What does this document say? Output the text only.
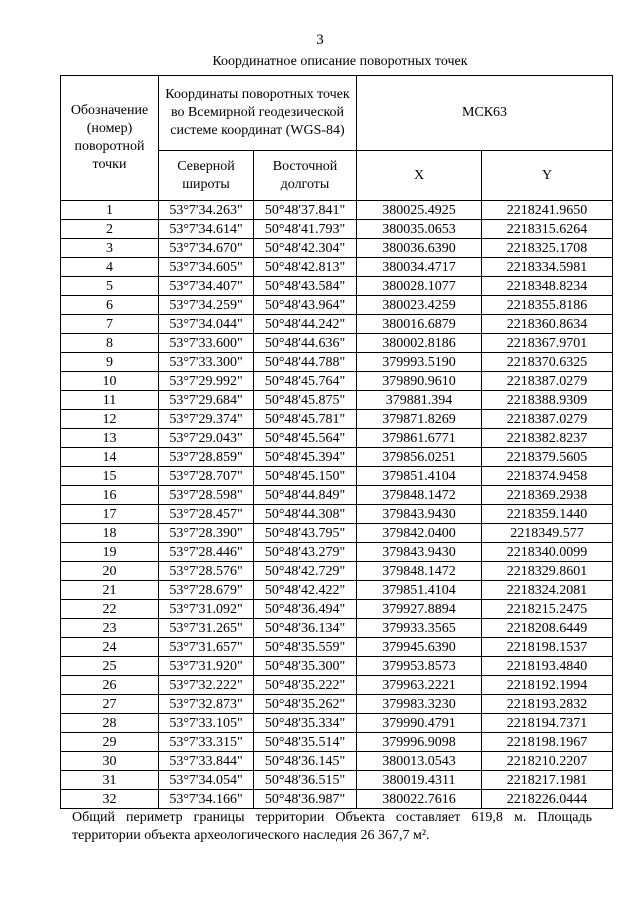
3
Координатное описание поворотных точек
Обозначение (номер) поворотной точки	Координаты поворотных точек во Всемирной геодезической системе координат (WGS-84)		МСК63	
	Северной широты	Восточной долготы	X	Y
1	53°7'34.263"	50°48'37.841"	380025.4925	2218241.9650
2	53°7'34.614"	50°48'41.793"	380035.0653	2218315.6264
3	53°7'34.670"	50°48'42.304"	380036.6390	2218325.1708
4	53°7'34.605"	50°48'42.813"	380034.4717	2218334.5981
5	53°7'34.407"	50°48'43.584"	380028.1077	2218348.8234
6	53°7'34.259"	50°48'43.964"	380023.4259	2218355.8186
7	53°7'34.044"	50°48'44.242"	380016.6879	2218360.8634
8	53°7'33.600"	50°48'44.636"	380002.8186	2218367.9701
9	53°7'33.300"	50°48'44.788"	379993.5190	2218370.6325
10	53°7'29.992"	50°48'45.764"	379890.9610	2218387.0279
11	53°7'29.684"	50°48'45.875"	379881.394	2218388.9309
12	53°7'29.374"	50°48'45.781"	379871.8269	2218387.0279
13	53°7'29.043"	50°48'45.564"	379861.6771	2218382.8237
14	53°7'28.859"	50°48'45.394"	379856.0251	2218379.5605
15	53°7'28.707"	50°48'45.150"	379851.4104	2218374.9458
16	53°7'28.598"	50°48'44.849"	379848.1472	2218369.2938
17	53°7'28.457"	50°48'44.308"	379843.9430	2218359.1440
18	53°7'28.390"	50°48'43.795"	379842.0400	2218349.577
19	53°7'28.446"	50°48'43.279"	379843.9430	2218340.0099
20	53°7'28.576"	50°48'42.729"	379848.1472	2218329.8601
21	53°7'28.679"	50°48'42.422"	379851.4104	2218324.2081
22	53°7'31.092"	50°48'36.494"	379927.8894	2218215.2475
23	53°7'31.265"	50°48'36.134"	379933.3565	2218208.6449
24	53°7'31.657"	50°48'35.559"	379945.6390	2218198.1537
25	53°7'31.920"	50°48'35.300"	379953.8573	2218193.4840
26	53°7'32.222"	50°48'35.222"	379963.2221	2218192.1994
27	53°7'32.873"	50°48'35.262"	379983.3230	2218193.2832
28	53°7'33.105"	50°48'35.334"	379990.4791	2218194.7371
29	53°7'33.315"	50°48'35.514"	379996.9098	2218198.1967
30	53°7'33.844"	50°48'36.145"	380013.0543	2218210.2207
31	53°7'34.054"	50°48'36.515"	380019.4311	2218217.1981
32	53°7'34.166"	50°48'36.987"	380022.7616	2218226.0444
Общий периметр границы территории Объекта составляет 619,8 м. Площадь территории объекта археологического наследия 26 367,7 м².
